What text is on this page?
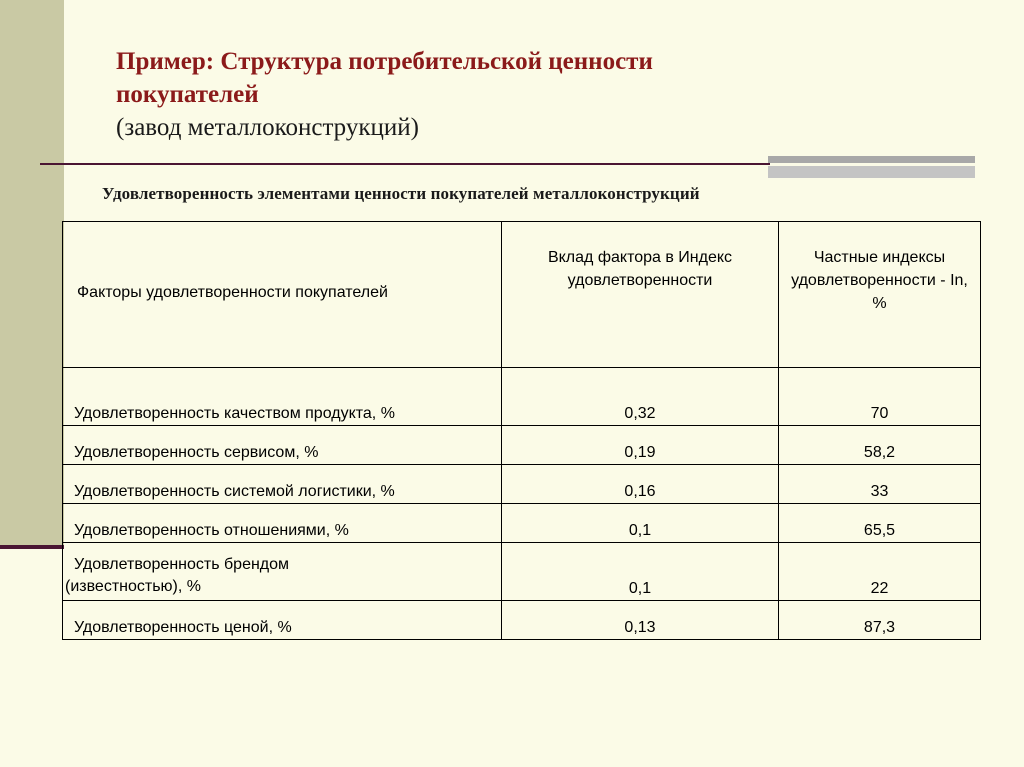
Пример: Структура потребительской ценности
покупателей
(завод металлоконструкций)
Удовлетворенность элементами ценности покупателей металлоконструкций
Факторы удовлетворенности покупателей	Вклад фактора в Индекс удовлетворенности	Частные индексы удовлетворенности - In, %
Удовлетворенность качеством продукта, %	0,32	70
Удовлетворенность сервисом, %	0,19	58,2
Удовлетворенность системой логистики, %	0,16	33
Удовлетворенность отношениями, %	0,1	65,5

Удовлетворенность брендом (известностью), %	0,1	22
Удовлетворенность ценой, %	0,13	87,3
